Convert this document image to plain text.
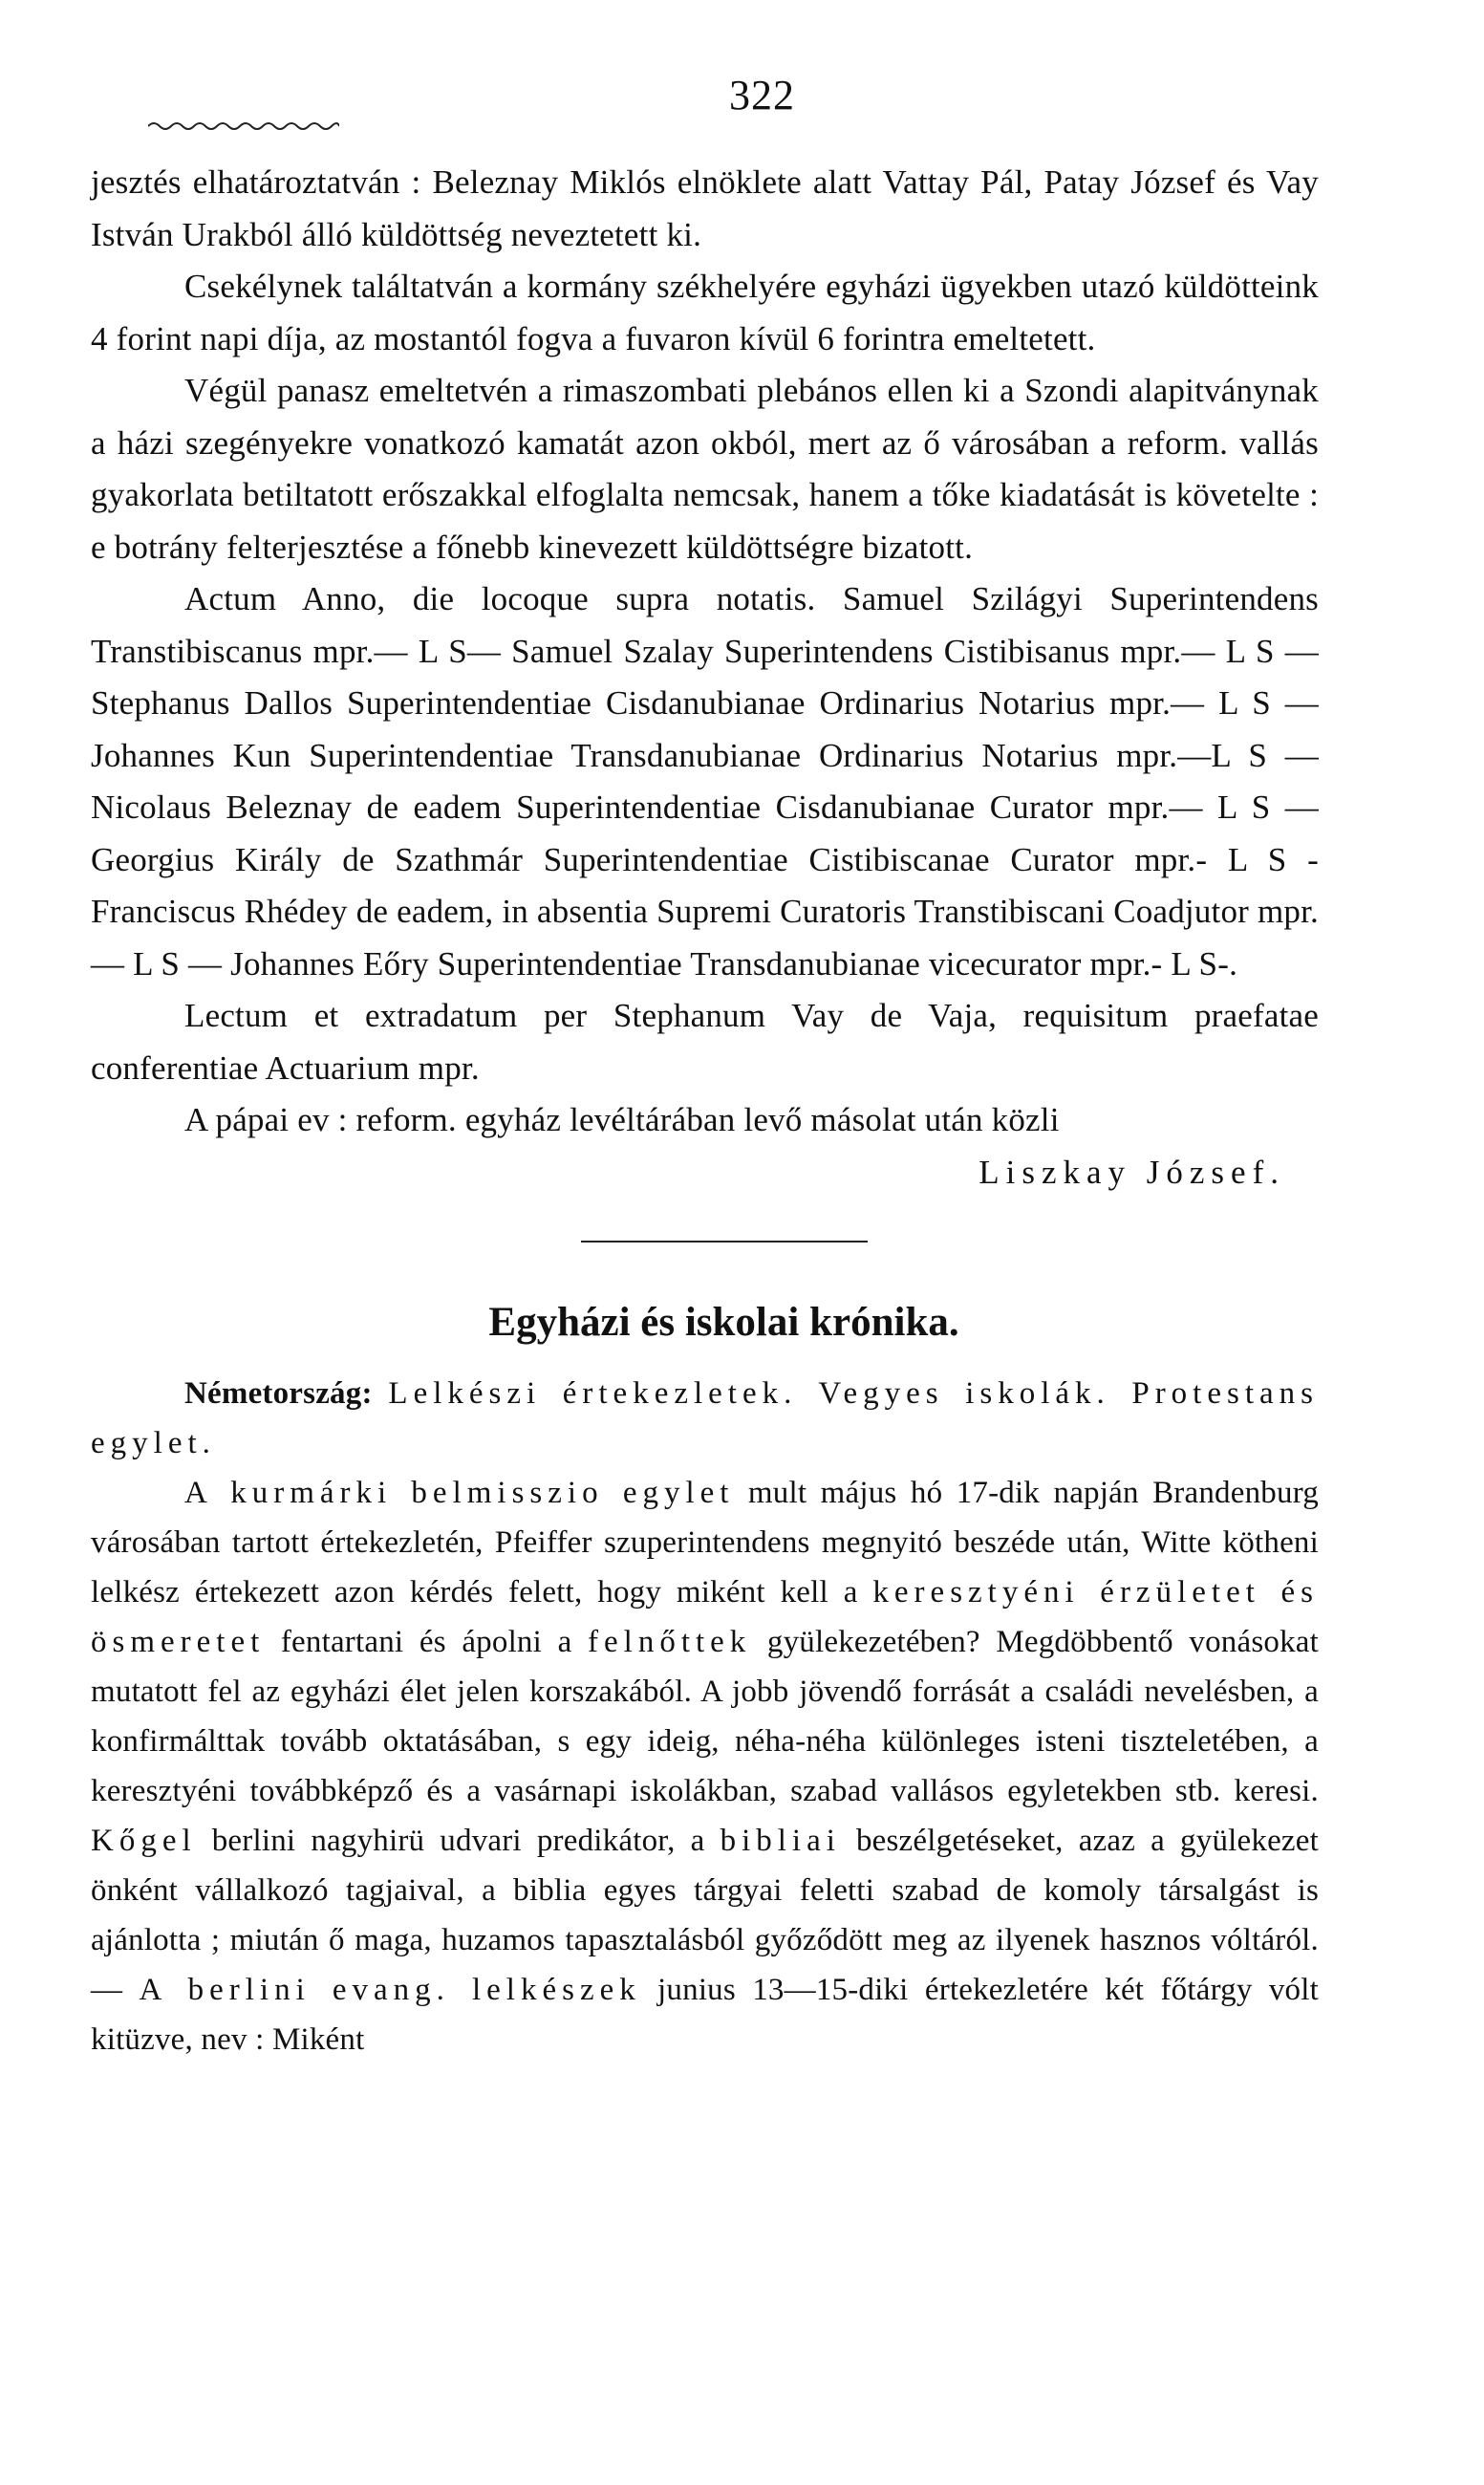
322

jesztés elhatároztatván : Beleznay Miklós elnöklete alatt Vattay Pál, Patay József és Vay István Urakból álló küldöttség neveztetett ki.

Csekélynek találtatván a kormány székhelyére egyházi ügyekben utazó küldötteink 4 forint napi díja, az mostantól fogva a fuvaron kívül 6 forintra emeltetett.

Végül panasz emeltetvén a rimaszombati plebános ellen ki a Szondi alapitványnak a házi szegényekre vonatkozó kamatát azon okból, mert az ő városában a reform. vallás gyakorlata betiltatott erőszakkal elfoglalta nemcsak, hanem a tőke kiadatását is követelte : e botrány felterjesztése a főnebb kinevezett küldöttségre bizatott.

Actum Anno, die locoque supra notatis. Samuel Szilágyi Superintendens Transtibiscanus mpr.— L S— Samuel Szalay Superintendens Cistibisanus mpr.— L S —Stephanus Dallos Superintendentiae Cisdanubianae Ordinarius Notarius mpr.— L S — Johannes Kun Superintendentiae Transdanubianae Ordinarius Notarius mpr.—L S —Nicolaus Beleznay de eadem Superintendentiae Cisdanubianae Curator mpr.— L S —Georgius Király de Szathmár Superintendentiae Cistibiscanae Curator mpr.- L S -Franciscus Rhédey de eadem, in absentia Supremi Curatoris Transtibiscani Coadjutor mpr.— L S — Johannes Eőry Superintendentiae Transdanubianae vicecurator mpr.- L S-.

Lectum et extradatum per Stephanum Vay de Vaja, requisitum praefatae conferentiae Actuarium mpr.

A pápai ev : reform. egyház levéltárában levő másolat után közli

Liszkay József.
Egyházi és iskolai krónika.

Németország: Lelkészi értekezletek. Vegyes iskolák. Protestans egylet.

A kurmárki belmisszio egylet mult május hó 17-dik napján Brandenburg városában tartott értekezletén, Pfeiffer szuperintendens megnyitó beszéde után, Witte kötheni lelkész értekezett azon kérdés felett, hogy miként kell a keresztyéni érzületet és ösmeretet fentartani és ápolni a felnőttek gyülekezetében? Megdöbbentő vonásokat mutatott fel az egyházi élet jelen korszakából. A jobb jövendő forrását a családi nevelésben, a konfirmálttak tovább oktatásában, s egy ideig, néha-néha különleges isteni tiszteletében, a keresztyéni továbbképző és a vasárnapi iskolákban, szabad vallásos egyletekben stb. keresi. Kőgel berlini nagyhirü udvari predikátor, a bibliai beszélgetéseket, azaz a gyülekezet önként vállalkozó tagjaival, a biblia egyes tárgyai feletti szabad de komoly társalgást is ajánlotta ; miután ő maga, huzamos tapasztalásból győződött meg az ilyenek hasznos vóltáról. — A berlini evang. lelkészek junius 13—15-diki értekezletére két főtárgy vólt kitüzve, nev : Miként
